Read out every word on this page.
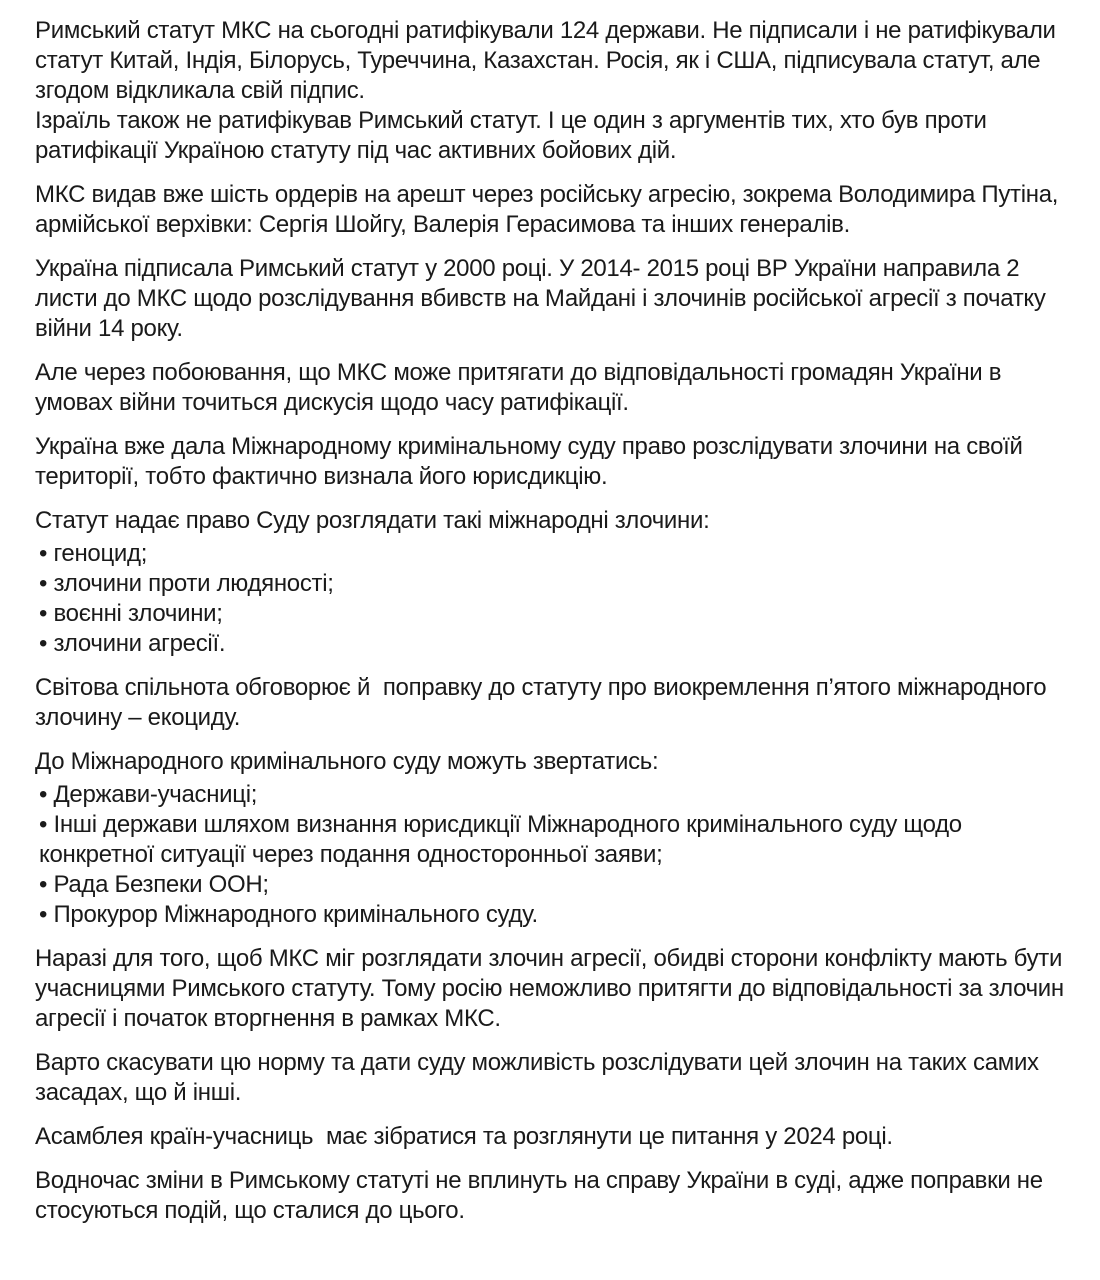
Римський статут МКС на сьогодні ратифікували 124 держави. Не підписали і не ратифікували статут Китай, Індія, Білорусь, Туреччина, Казахстан. Росія, як і США, підписувала статут, але згодом відкликала свій підпис.
Ізраїль також не ратифікував Римський статут. І це один з аргументів тих, хто був проти ратифікації Україною статуту під час активних бойових дій.
МКС видав вже шість ордерів на арешт через російську агресію, зокрема Володимира Путіна, армійської верхівки: Сергія Шойгу, Валерія Герасимова та інших генералів.
Україна підписала Римський статут у 2000 році. У 2014- 2015 році ВР України направила 2 листи до МКС щодо розслідування вбивств на Майдані і злочинів російської агресії з початку війни 14 року.
Але через побоювання, що МКС може притягати до відповідальності громадян України в умовах війни точиться дискусія щодо часу ратифікації.
Україна вже дала Міжнародному кримінальному суду право розслідувати злочини на своїй території, тобто фактично визнала його юрисдикцію.
Статут надає право Суду розглядати такі міжнародні злочини:
• геноцид;
• злочини проти людяності;
• воєнні злочини;
• злочини агресії.
Світова спільнота обговорює й  поправку до статуту про виокремлення п’ятого міжнародного злочину – екоциду.
До Міжнародного кримінального суду можуть звертатись:
• Держави-учасниці;
• Інші держави шляхом визнання юрисдикції Міжнародного кримінального суду щодо конкретної ситуації через подання односторонньої заяви;
• Рада Безпеки ООН;
• Прокурор Міжнародного кримінального суду.
Наразі для того, щоб МКС міг розглядати злочин агресії, обидві сторони конфлікту мають бути учасницями Римського статуту. Тому росію неможливо притягти до відповідальності за злочин агресії і початок вторгнення в рамках МКС.
Варто скасувати цю норму та дати суду можливість розслідувати цей злочин на таких самих засадах, що й інші.
Асамблея країн-учасниць  має зібратися та розглянути це питання у 2024 році.
Водночас зміни в Римському статуті не вплинуть на справу України в суді, адже поправки не стосуються подій, що сталися до цього.
